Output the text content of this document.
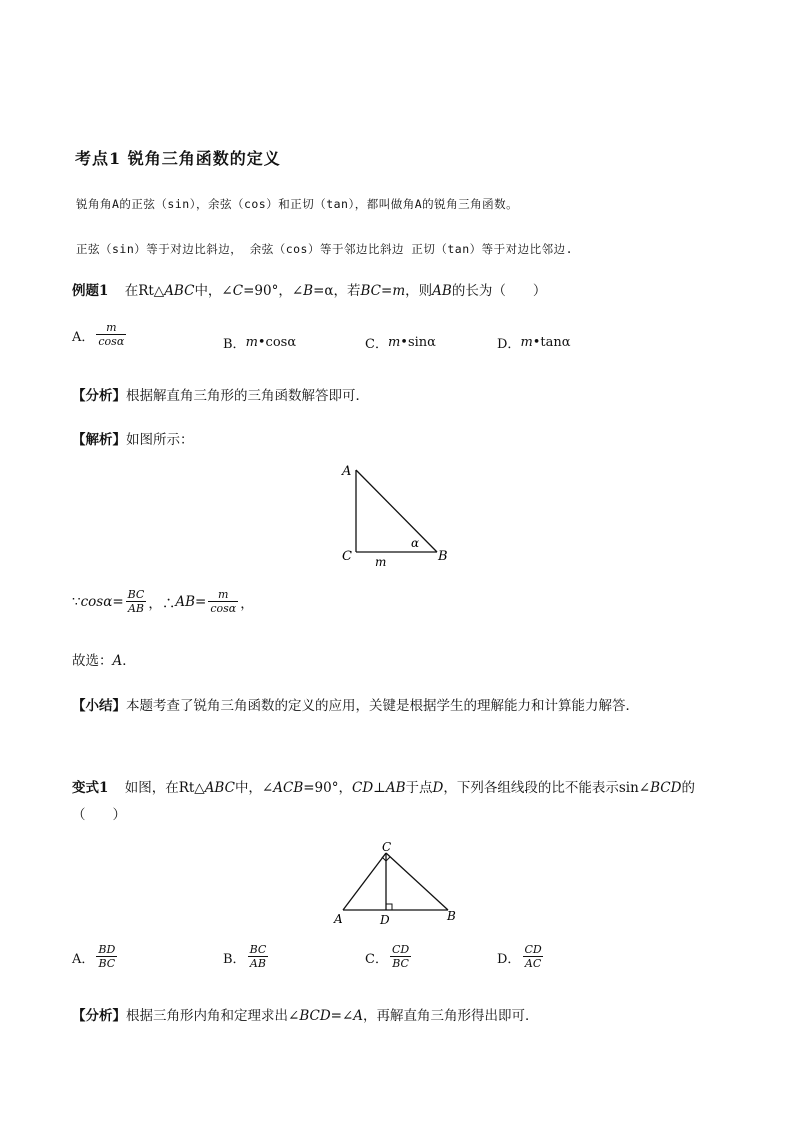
考点1 锐角三角函数的定义
锐角角A的正弦（sin），余弦（cos）和正切（tan），都叫做角A的锐角三角函数。
正弦（sin）等于对边比斜边， 余弦（cos）等于邻边比斜边 正切（tan）等于对边比邻边.
例题1 在Rt△ABC中，∠C=90°，∠B=α，若BC=m，则AB的长为（　　）
A． $\frac{m}{\cos\alpha}$	B． m •cosα	C． m •sinα	D． m •tanα
【分析】根据解直角三角形的三角函数解答即可．
【解析】如图所示：
A
C	B
m
α
∵ $\cos\alpha = \frac{BC}{AB}$ ，∴ AB = $\frac{m}{\cos\alpha}$ ，
故选：A．
【小结】本题考查了锐角三角函数的定义的应用，关键是根据学生的理解能力和计算能力解答．
变式1 如图，在Rt△ABC中，∠ACB=90°，CD⊥AB于点D，下列各组线段的比不能表示sin∠BCD的
（　　）
C
A	D	B
A． $\frac{BD}{BC}$	B． $\frac{BC}{AB}$	C． $\frac{CD}{BC}$	D． $\frac{CD}{AC}$
【分析】根据三角形内角和定理求出∠BCD=∠A，再解直角三角形得出即可．
